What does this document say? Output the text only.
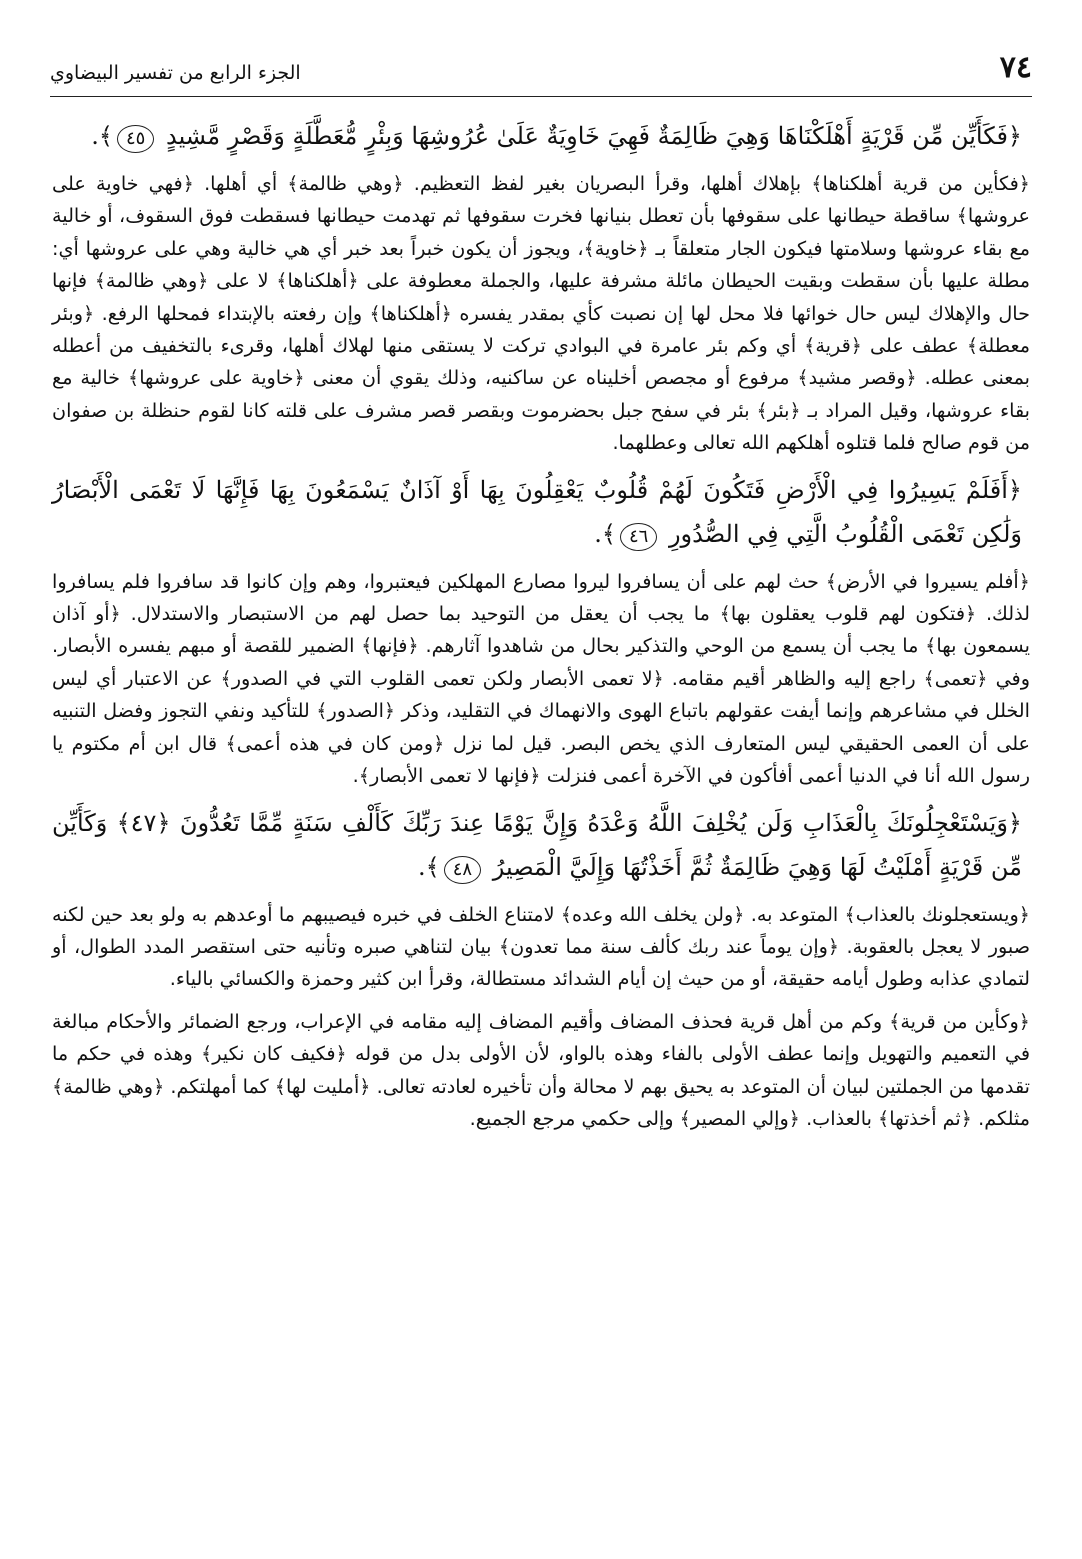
٧٤
الجزء الرابع من تفسير البيضاوي

﴿فَكَأَيِّن مِّن قَرْيَةٍ أَهْلَكْنَاهَا وَهِيَ ظَالِمَةٌ فَهِيَ خَاوِيَةٌ عَلَىٰ عُرُوشِهَا وَبِئْرٍ مُّعَطَّلَةٍ وَقَصْرٍ مَّشِيدٍ ٤٥﴾.

﴿فكأين من قرية أهلكناها﴾ بإهلاك أهلها، وقرأ البصريان بغير لفظ التعظيم. ﴿وهي ظالمة﴾ أي أهلها. ﴿فهي خاوية على عروشها﴾ ساقطة حيطانها على سقوفها بأن تعطل بنيانها فخرت سقوفها ثم تهدمت حيطانها فسقطت فوق السقوف، أو خالية مع بقاء عروشها وسلامتها فيكون الجار متعلقاً بـ ﴿خاوية﴾، ويجوز أن يكون خبراً بعد خبر أي هي خالية وهي على عروشها أي: مطلة عليها بأن سقطت وبقيت الحيطان مائلة مشرفة عليها، والجملة معطوفة على ﴿أهلكناها﴾ لا على ﴿وهي ظالمة﴾ فإنها حال والإهلاك ليس حال خوائها فلا محل لها إن نصبت كأي بمقدر يفسره ﴿أهلكناها﴾ وإن رفعته بالإبتداء فمحلها الرفع. ﴿وبئر معطلة﴾ عطف على ﴿قرية﴾ أي وكم بئر عامرة في البوادي تركت لا يستقى منها لهلاك أهلها، وقرىء بالتخفيف من أعطله بمعنى عطله. ﴿وقصر مشيد﴾ مرفوع أو مجصص أخليناه عن ساكنيه، وذلك يقوي أن معنى ﴿خاوية على عروشها﴾ خالية مع بقاء عروشها، وقيل المراد بـ ﴿بئر﴾ بئر في سفح جبل بحضرموت وبقصر قصر مشرف على قلته كانا لقوم حنظلة بن صفوان من قوم صالح فلما قتلوه أهلكهم الله تعالى وعطلهما.

﴿أَفَلَمْ يَسِيرُوا فِي الْأَرْضِ فَتَكُونَ لَهُمْ قُلُوبٌ يَعْقِلُونَ بِهَا أَوْ آذَانٌ يَسْمَعُونَ بِهَا فَإِنَّهَا لَا تَعْمَى الْأَبْصَارُ وَلَٰكِن تَعْمَى الْقُلُوبُ الَّتِي فِي الصُّدُورِ ٤٦﴾.

﴿أفلم يسيروا في الأرض﴾ حث لهم على أن يسافروا ليروا مصارع المهلكين فيعتبروا، وهم وإن كانوا قد سافروا فلم يسافروا لذلك. ﴿فتكون لهم قلوب يعقلون بها﴾ ما يجب أن يعقل من التوحيد بما حصل لهم من الاستبصار والاستدلال. ﴿أو آذان يسمعون بها﴾ ما يجب أن يسمع من الوحي والتذكير بحال من شاهدوا آثارهم. ﴿فإنها﴾ الضمير للقصة أو مبهم يفسره الأبصار. وفي ﴿تعمى﴾ راجع إليه والظاهر أقيم مقامه. ﴿لا تعمى الأبصار ولكن تعمى القلوب التي في الصدور﴾ عن الاعتبار أي ليس الخلل في مشاعرهم وإنما أيفت عقولهم باتباع الهوى والانهماك في التقليد، وذكر ﴿الصدور﴾ للتأكيد ونفي التجوز وفضل التنبيه على أن العمى الحقيقي ليس المتعارف الذي يخص البصر. قيل لما نزل ﴿ومن كان في هذه أعمى﴾ قال ابن أم مكتوم يا رسول الله أنا في الدنيا أعمى أفأكون في الآخرة أعمى فنزلت ﴿فإنها لا تعمى الأبصار﴾.

﴿وَيَسْتَعْجِلُونَكَ بِالْعَذَابِ وَلَن يُخْلِفَ اللَّهُ وَعْدَهُ وَإِنَّ يَوْمًا عِندَ رَبِّكَ كَأَلْفِ سَنَةٍ مِّمَّا تَعُدُّونَ ﴿٤٧﴾ وَكَأَيِّن مِّن قَرْيَةٍ أَمْلَيْتُ لَهَا وَهِيَ ظَالِمَةٌ ثُمَّ أَخَذْتُهَا وَإِلَيَّ الْمَصِيرُ ٤٨﴾.

﴿ويستعجلونك بالعذاب﴾ المتوعد به. ﴿ولن يخلف الله وعده﴾ لامتناع الخلف في خبره فيصيبهم ما أوعدهم به ولو بعد حين لكنه صبور لا يعجل بالعقوبة. ﴿وإن يوماً عند ربك كألف سنة مما تعدون﴾ بيان لتناهي صبره وتأنيه حتى استقصر المدد الطوال، أو لتمادي عذابه وطول أيامه حقيقة، أو من حيث إن أيام الشدائد مستطالة، وقرأ ابن كثير وحمزة والكسائي بالياء.

﴿وكأين من قرية﴾ وكم من أهل قرية فحذف المضاف وأقيم المضاف إليه مقامه في الإعراب، ورجع الضمائر والأحكام مبالغة في التعميم والتهويل وإنما عطف الأولى بالفاء وهذه بالواو، لأن الأولى بدل من قوله ﴿فكيف كان نكير﴾ وهذه في حكم ما تقدمها من الجملتين لبيان أن المتوعد به يحيق بهم لا محالة وأن تأخيره لعادته تعالى. ﴿أمليت لها﴾ كما أمهلتكم. ﴿وهي ظالمة﴾ مثلكم. ﴿ثم أخذتها﴾ بالعذاب. ﴿وإلي المصير﴾ وإلى حكمي مرجع الجميع.
